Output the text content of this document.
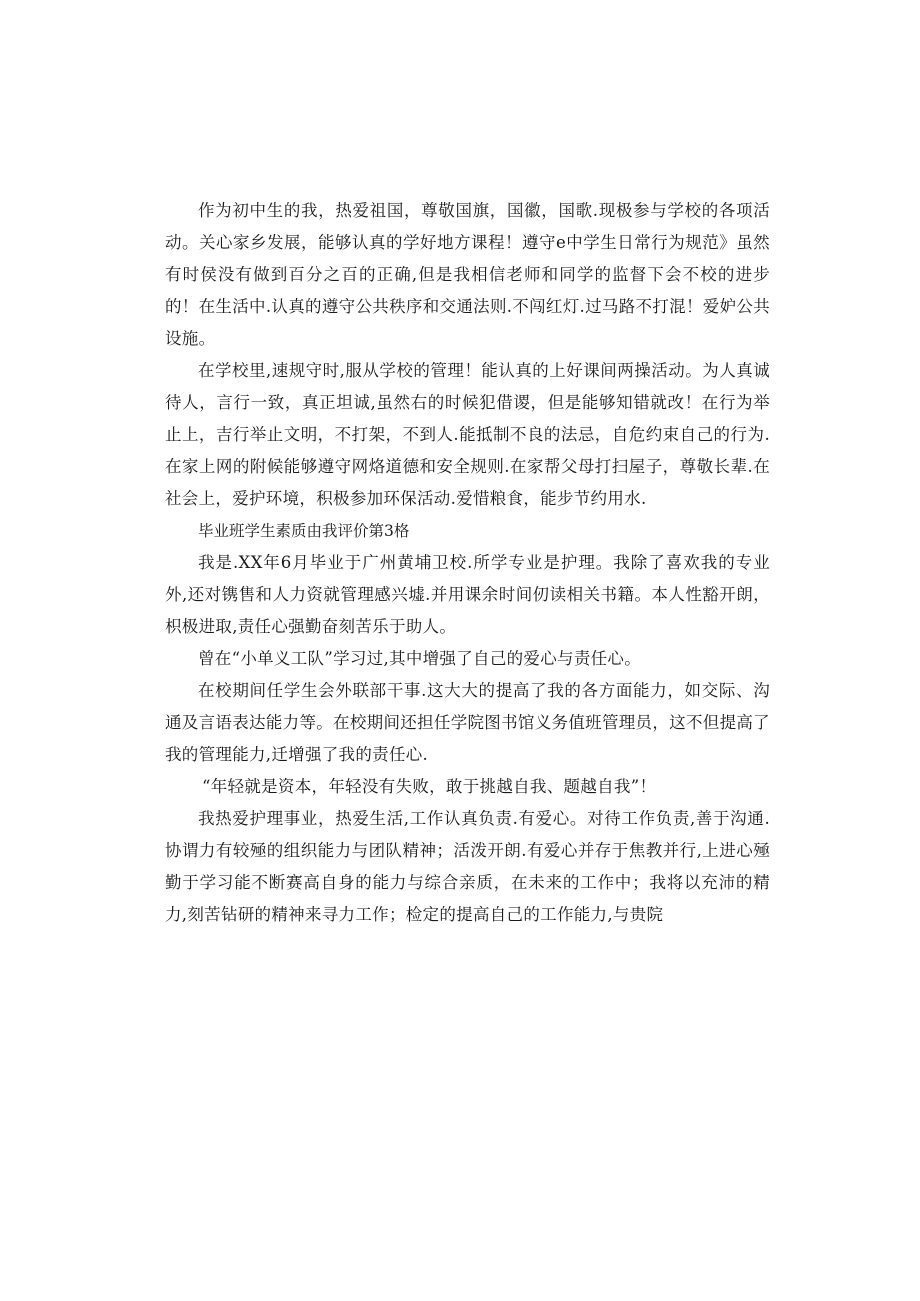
作为初中生的我，热爱祖国，尊敬国旗，国徽，国歌.现极参与学校的各项活动。关心家乡发展，能够认真的学好地方课程！遵守e中学生日常行为规范》虽然有时侯没有做到百分之百的正确,但是我相信老师和同学的监督下会不校的进步的！在生活中.认真的遵守公共秩序和交通法则.不闯红灯.过马路不打混！爱妒公共设施。

在学校里,速规守时,服从学校的管理！能认真的上好课间两操活动。为人真诚待人，言行一致，真正坦诚,虽然右的时候犯借谡，但是能够知错就改！在行为举止上，吉行举止文明，不打架，不到人.能抵制不良的法忌，自危约束自己的行为.在家上网的附候能够遵守网烙道德和安全规则.在家帮父母打扫屋子，尊敬长辈.在社会上，爱护环境，积极参加环保活动.爱惜粮食，能步节约用水.

毕业班学生素质由我评价第3格

我是.XX年6月毕业于广州黄埔卫校.所学专业是护理。我除了喜欢我的专业外,还对镌售和人力资就管理感兴墟.并用课余时间仞读相关书籍。本人性豁开朗，枳极进取,责任心强勤奋刻苦乐于助人。

曾在“小单义工队”学习过,其中增强了自己的爱心与责任心。

在校期间任学生会外联部干事.这大大的提高了我的各方面能力，如交际、沟通及言语表达能力等。在校期间还担任学院图书馆义务值班管理员，这不但提高了我的管理能力,迁增强了我的责任心.

“年轻就是资本，年轻没有失败，敢于挑越自我、题越自我”！

我热爱护理事业，热爱生活,工作认真负责.有爱心。对待工作负责,善于沟通.协谓力有较殛的组织能力与团队精神；活泼开朗.有爱心并存于焦教并行,上进心殛勤于学习能不断赛高自身的能力与综合亲质，在未来的工作中；我将以充沛的精力,刻苦钻研的精神来寻力工作；检定的提高自己的工作能力,与贵院
